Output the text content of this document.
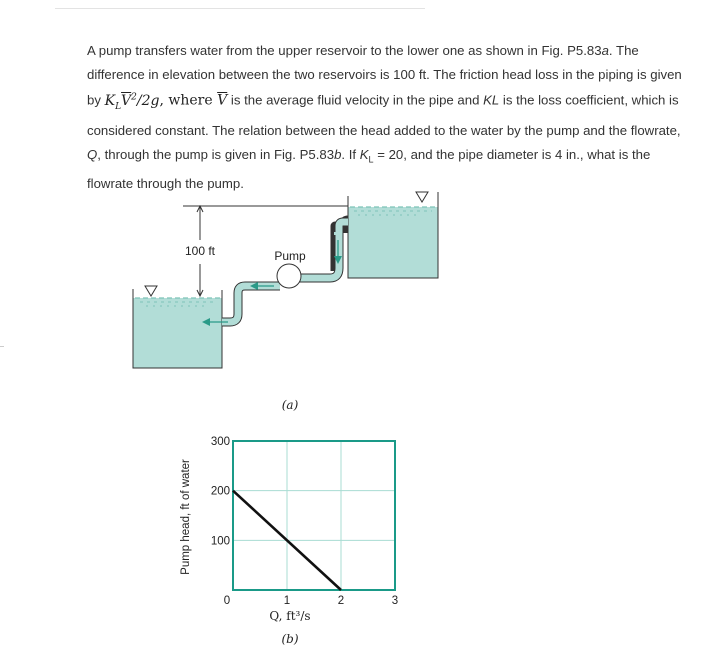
A pump transfers water from the upper reservoir to the lower one as shown in Fig. P5.83a. The difference in elevation between the two reservoirs is 100 ft. The friction head loss in the piping is given by $K_L\overline{V}^2/2g$, where $\overline{V}$ is the average fluid velocity in the pipe and KL is the loss coefficient, which is considered constant. The relation between the head added to the water by the pump and the flowrate, Q, through the pump is given in Fig. P5.83b. If $K_L = 20$, and the pipe diameter is 4 in., what is the flowrate through the pump.

100 ft	Pump
(a)
300
200
100
1	2	3
0
Q, ft³/s
Pump head, ft of water
(b)
